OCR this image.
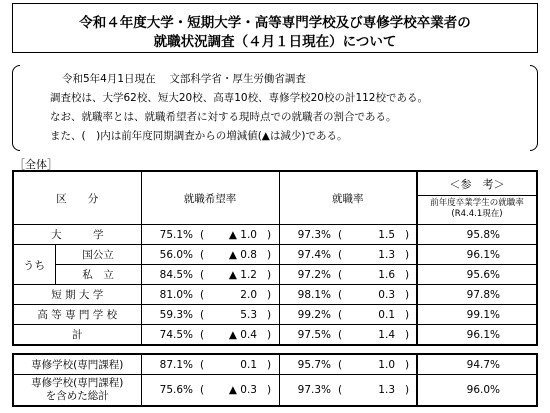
令和４年度大学・短期大学・高等専門学校及び専修学校卒業者の
就職状況調査（４月１日現在）について
令和5年4月1日現在　 文部科学省・厚生労働省調査
調査校は、大学62校、短大20校、高専10校、専修学校20校の計112校である。
なお、就職率とは、就職希望者に対する現時点での就職者の割合である。
また、(　)内は前年度同期調査からの増減値(▲は減少)である。
［全体］
区　　分		就職希望率				就職率				＜参　考＞
前年度卒業学生の就職率
(R4.4.1現在)

大　　　学		75.1%	(	▲ 1.0	)	97.3%	(	1.5	)	95.8%
うち	国公立	56.0%	(	▲ 0.8	)	97.4%	(	1.3	)	96.1%
	私　立	84.5%	(	▲ 1.2	)	97.2%	(	1.6	)	95.6%
短 期 大 学		81.0%	(	2.0	)	98.1%	(	0.3	)	97.8%
高 等 専 門 学 校		59.3%	(	5.3	)	99.2%	(	0.1	)	99.1%
計		74.5%	(	▲ 0.4	)	97.5%	(	1.4	)	96.1%
専修学校(専門課程)	87.1%	(	0.1	)	95.7%	(	1.0	)	94.7%

専修学校(専門課程)
を含めた総計	75.6%	(	▲ 0.3	)	97.3%	(	1.3	)	96.0%
